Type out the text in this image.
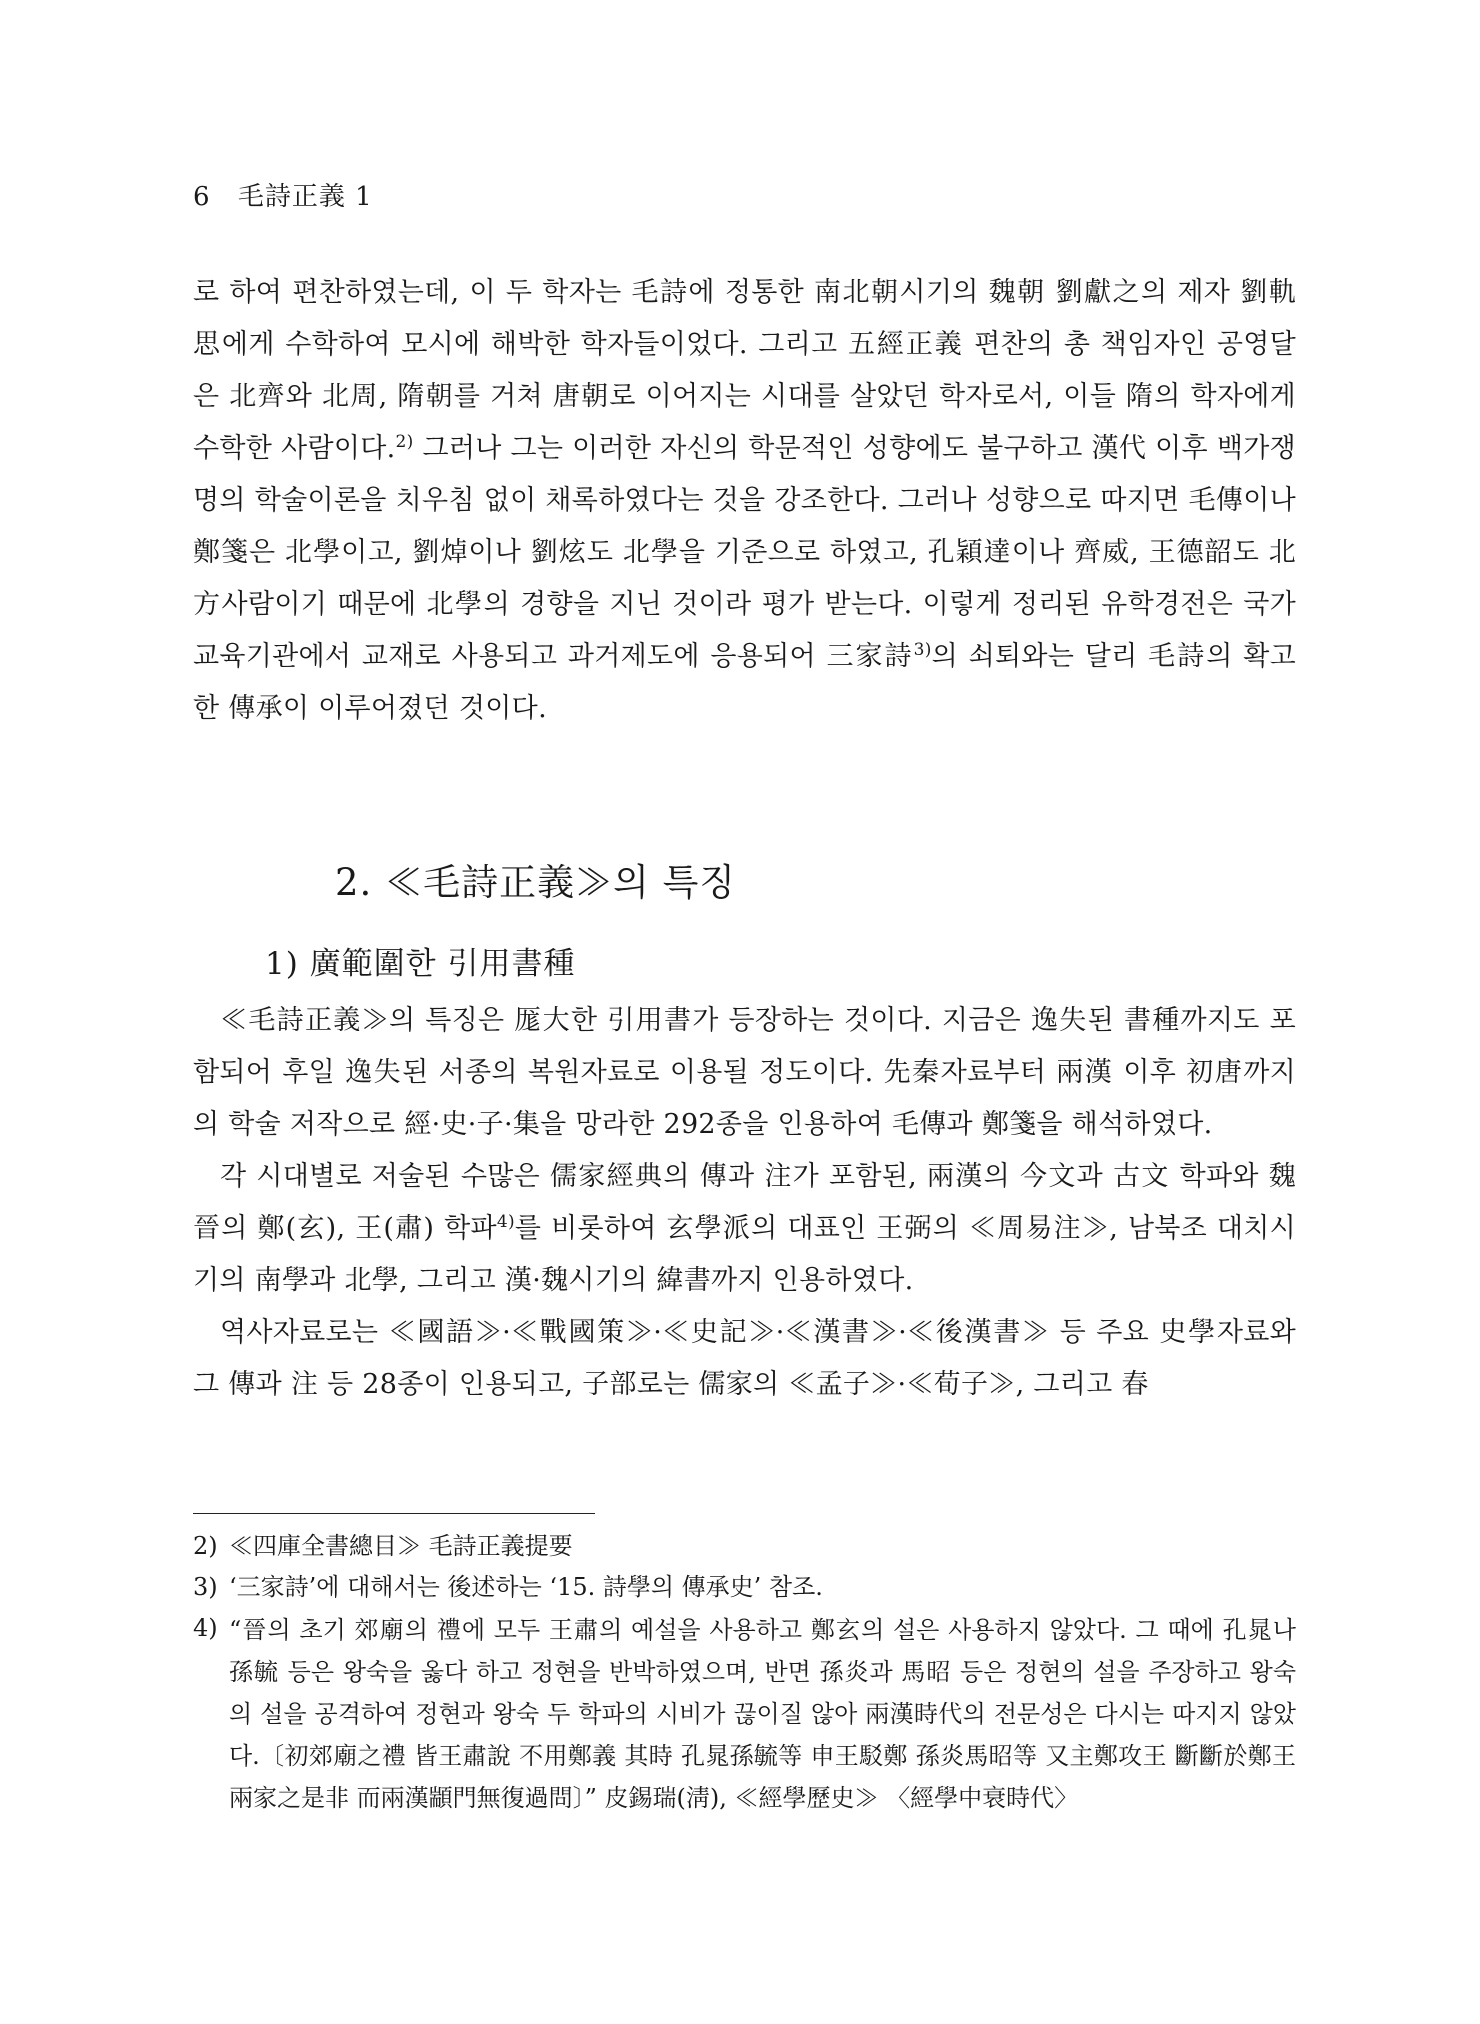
6 毛詩正義 1

로 하여 편찬하였는데, 이 두 학자는 毛詩에 정통한 南北朝시기의 魏朝 劉獻之의 제자 劉軌思에게 수학하여 모시에 해박한 학자들이었다. 그리고 五經正義 편찬의 총 책임자인 공영달은 北齊와 北周, 隋朝를 거쳐 唐朝로 이어지는 시대를 살았던 학자로서, 이들 隋의 학자에게 수학한 사람이다.$^{2)}$ 그러나 그는 이러한 자신의 학문적인 성향에도 불구하고 漢代 이후 백가쟁명의 학술이론을 치우침 없이 채록하였다는 것을 강조한다. 그러나 성향으로 따지면 毛傳이나 鄭箋은 北學이고, 劉焯이나 劉炫도 北學을 기준으로 하였고, 孔穎達이나 齊威, 王德韶도 北方사람이기 때문에 北學의 경향을 지닌 것이라 평가 받는다. 이렇게 정리된 유학경전은 국가교육기관에서 교재로 사용되고 과거제도에 응용되어 三家詩$^{3)}$의 쇠퇴와는 달리 毛詩의 확고한 傳承이 이루어졌던 것이다.

2. ≪毛詩正義≫의 특징
1) 廣範圍한 引用書種

≪毛詩正義≫의 특징은 厖大한 引用書가 등장하는 것이다. 지금은 逸失된 書種까지도 포함되어 후일 逸失된 서종의 복원자료로 이용될 정도이다. 先秦자료부터 兩漢 이후 初唐까지의 학술 저작으로 經·史·子·集을 망라한 292종을 인용하여 毛傳과 鄭箋을 해석하였다.

각 시대별로 저술된 수많은 儒家經典의 傳과 注가 포함된, 兩漢의 今文과 古文 학파와 魏晉의 鄭(玄), 王(肅) 학파$^{4)}$를 비롯하여 玄學派의 대표인 王弼의 ≪周易注≫, 남북조 대치시기의 南學과 北學, 그리고 漢·魏시기의 緯書까지 인용하였다.

역사자료로는 ≪國語≫·≪戰國策≫·≪史記≫·≪漢書≫·≪後漢書≫ 등 주요 史學자료와 그 傳과 注 등 28종이 인용되고, 子部로는 儒家의 ≪孟子≫·≪荀子≫, 그리고 春

2) ≪四庫全書總目≫ 毛詩正義提要
3) ‘三家詩’에 대해서는 後述하는 ‘15. 詩學의 傳承史’ 참조.
4) “晉의 초기 郊廟의 禮에 모두 王肅의 예설을 사용하고 鄭玄의 설은 사용하지 않았다. 그 때에 孔晁나 孫毓 등은 왕숙을 옳다 하고 정현을 반박하였으며, 반면 孫炎과 馬昭 등은 정현의 설을 주장하고 왕숙의 설을 공격하여 정현과 왕숙 두 학파의 시비가 끊이질 않아 兩漢時代의 전문성은 다시는 따지지 않았다.〔初郊廟之禮 皆王肅說 不用鄭義 其時 孔晁孫毓等 申王駁鄭 孫炎馬昭等 又主鄭攻王 斷斷於鄭王兩家之是非 而兩漢顓門無復過問〕” 皮錫瑞(淸), ≪經學歷史≫ 〈經學中衰時代〉
